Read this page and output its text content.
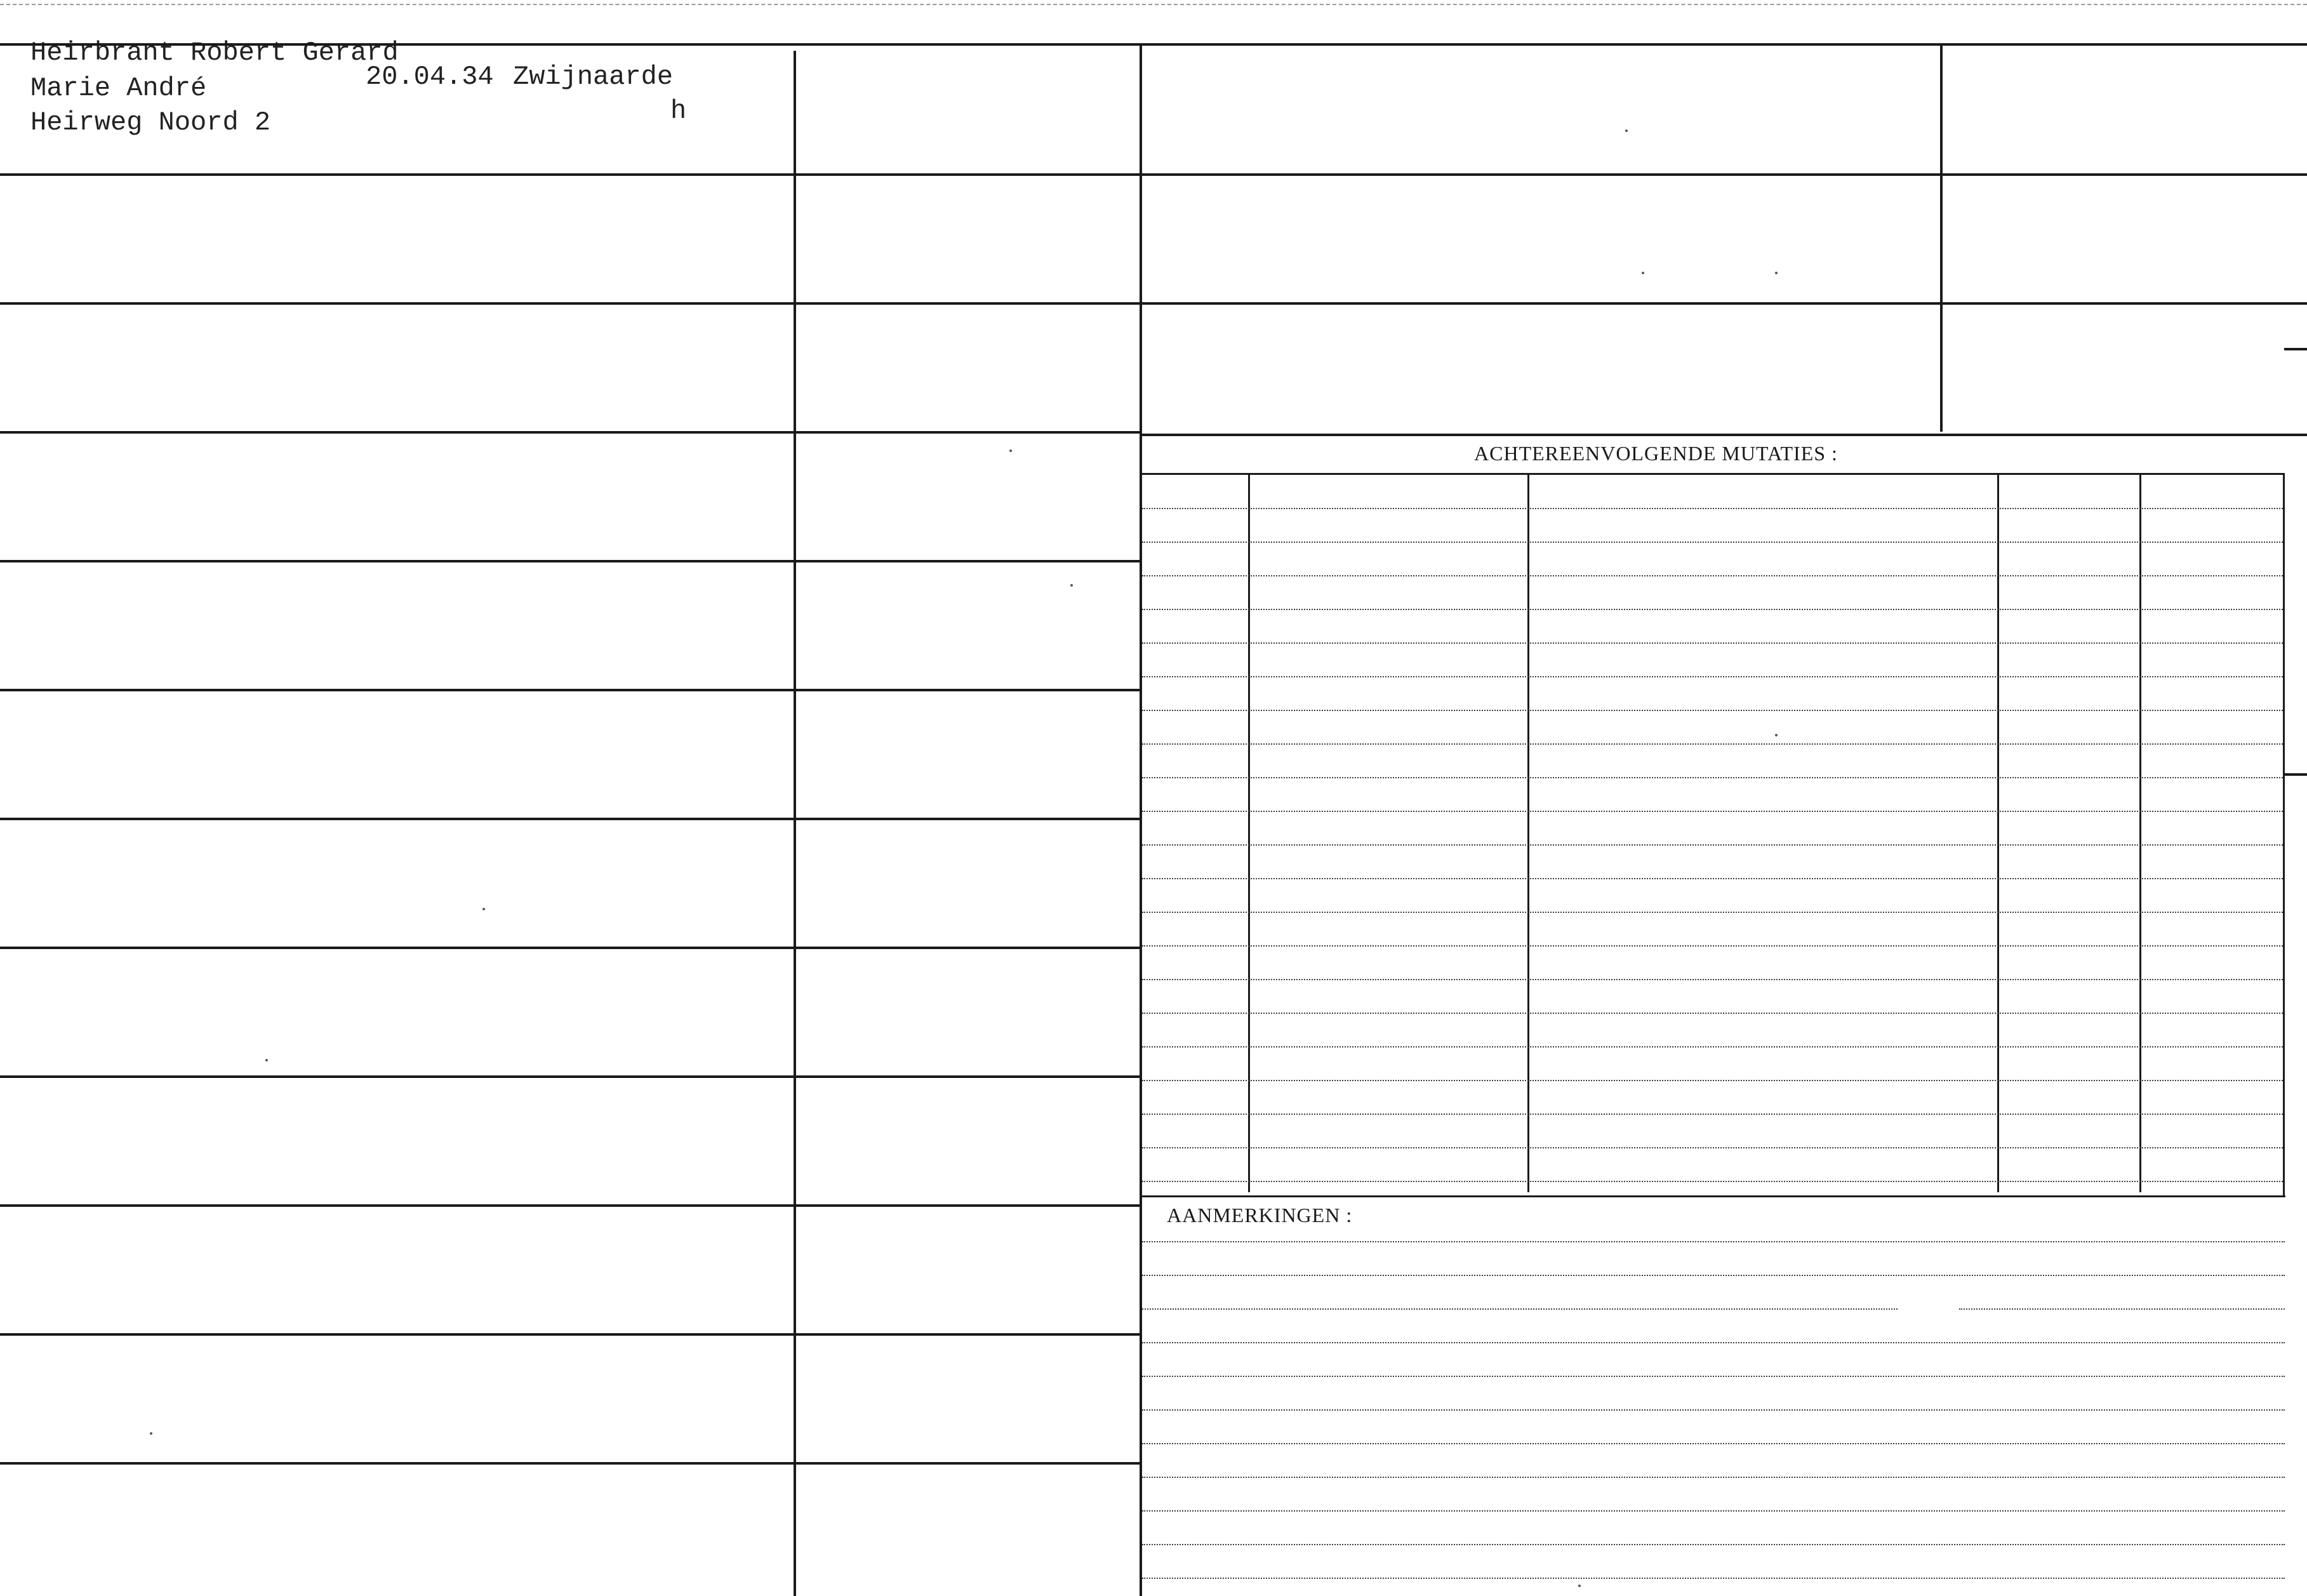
Heirbrant Robert Gerard
Marie André	20.04.34 Zwijnaarde
Heirweg Noord 2	h
ACHTEREENVOLGENDE MUTATIES :
AANMERKINGEN :
